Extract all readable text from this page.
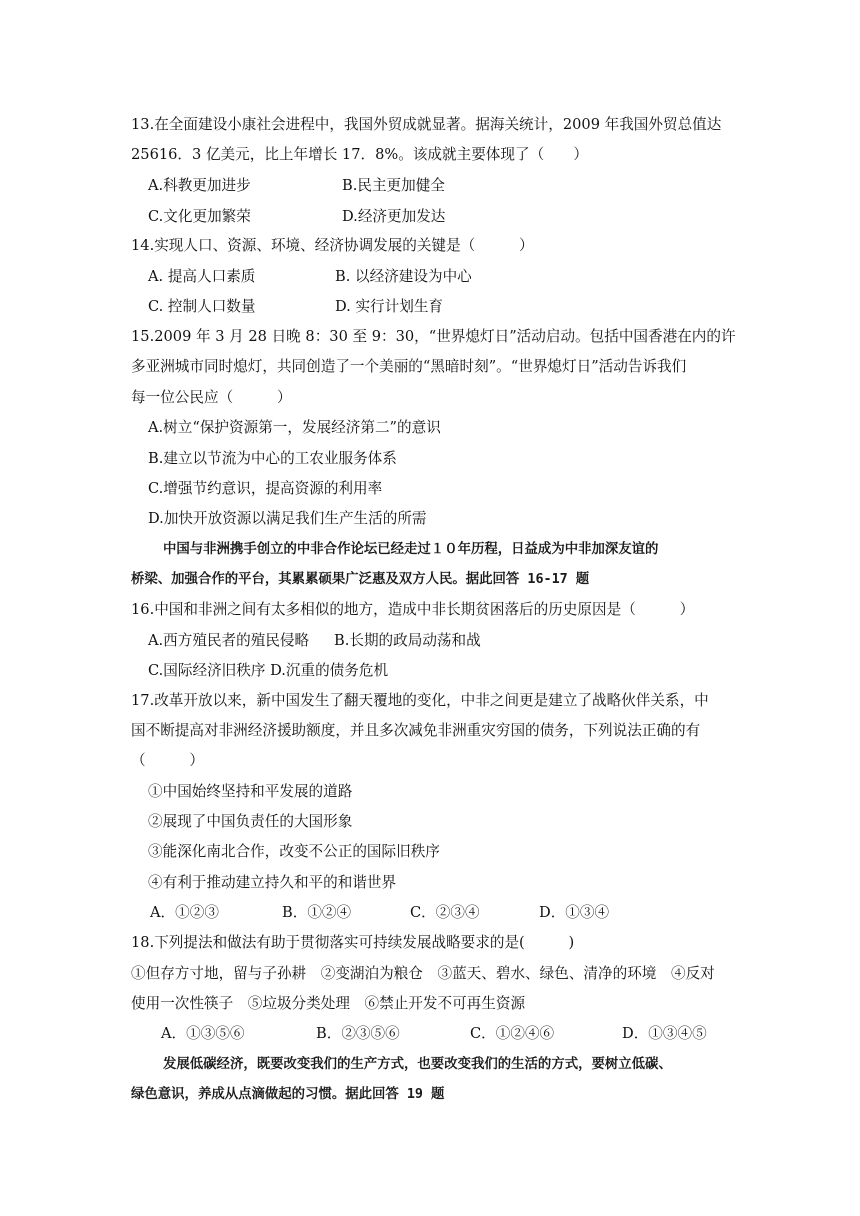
13.在全面建设小康社会进程中，我国外贸成就显著。据海关统计，2009 年我国外贸总值达
25616．3 亿美元，比上年增长 17．8%。该成就主要体现了（　　）
A.科教更加进步	B.民主更加健全
C.文化更加繁荣	D.经济更加发达
14.实现人口、资源、环境、经济协调发展的关键是（　　　）
A. 提高人口素质	B. 以经济建设为中心
C. 控制人口数量	D. 实行计划生育
15.2009 年 3 月 28 日晚 8：30 至 9：30，“世界熄灯日”活动启动。包括中国香港在内的许
多亚洲城市同时熄灯，共同创造了一个美丽的“黑暗时刻”。“世界熄灯日”活动告诉我们
每一位公民应（　　　）
A.树立“保护资源第一，发展经济第二”的意识
B.建立以节流为中心的工农业服务体系
C.增强节约意识，提高资源的利用率
D.加快开放资源以满足我们生产生活的所需
中国与非洲携手创立的中非合作论坛已经走过１０年历程，日益成为中非加深友谊的
桥梁、加强合作的平台，其累累硕果广泛惠及双方人民。据此回答 16-17 题
16.中国和非洲之间有太多相似的地方，造成中非长期贫困落后的历史原因是（　　　）
A.西方殖民者的殖民侵略 B.长期的政局动荡和战
C.国际经济旧秩序 D.沉重的债务危机
17.改革开放以来，新中国发生了翻天覆地的变化，中非之间更是建立了战略伙伴关系，中
国不断提高对非洲经济援助额度，并且多次减免非洲重灾穷国的债务，下列说法正确的有
（　　　）
①中国始终坚持和平发展的道路
②展现了中国负责任的大国形象
③能深化南北合作，改变不公正的国际旧秩序
④有利于推动建立持久和平的和谐世界
A．①②③	B．①②④	C．②③④	D．①③④
18.下列提法和做法有助于贯彻落实可持续发展战略要求的是(　　　)
①但存方寸地，留与子孙耕　②变湖泊为粮仓　③蓝天、碧水、绿色、清净的环境　④反对
使用一次性筷子　⑤垃圾分类处理　⑥禁止开发不可再生资源
A．①③⑤⑥	B．②③⑤⑥	C．①②④⑥	D．①③④⑤
发展低碳经济，既要改变我们的生产方式，也要改变我们的生活的方式，要树立低碳、
绿色意识，养成从点滴做起的习惯。据此回答 19 题
